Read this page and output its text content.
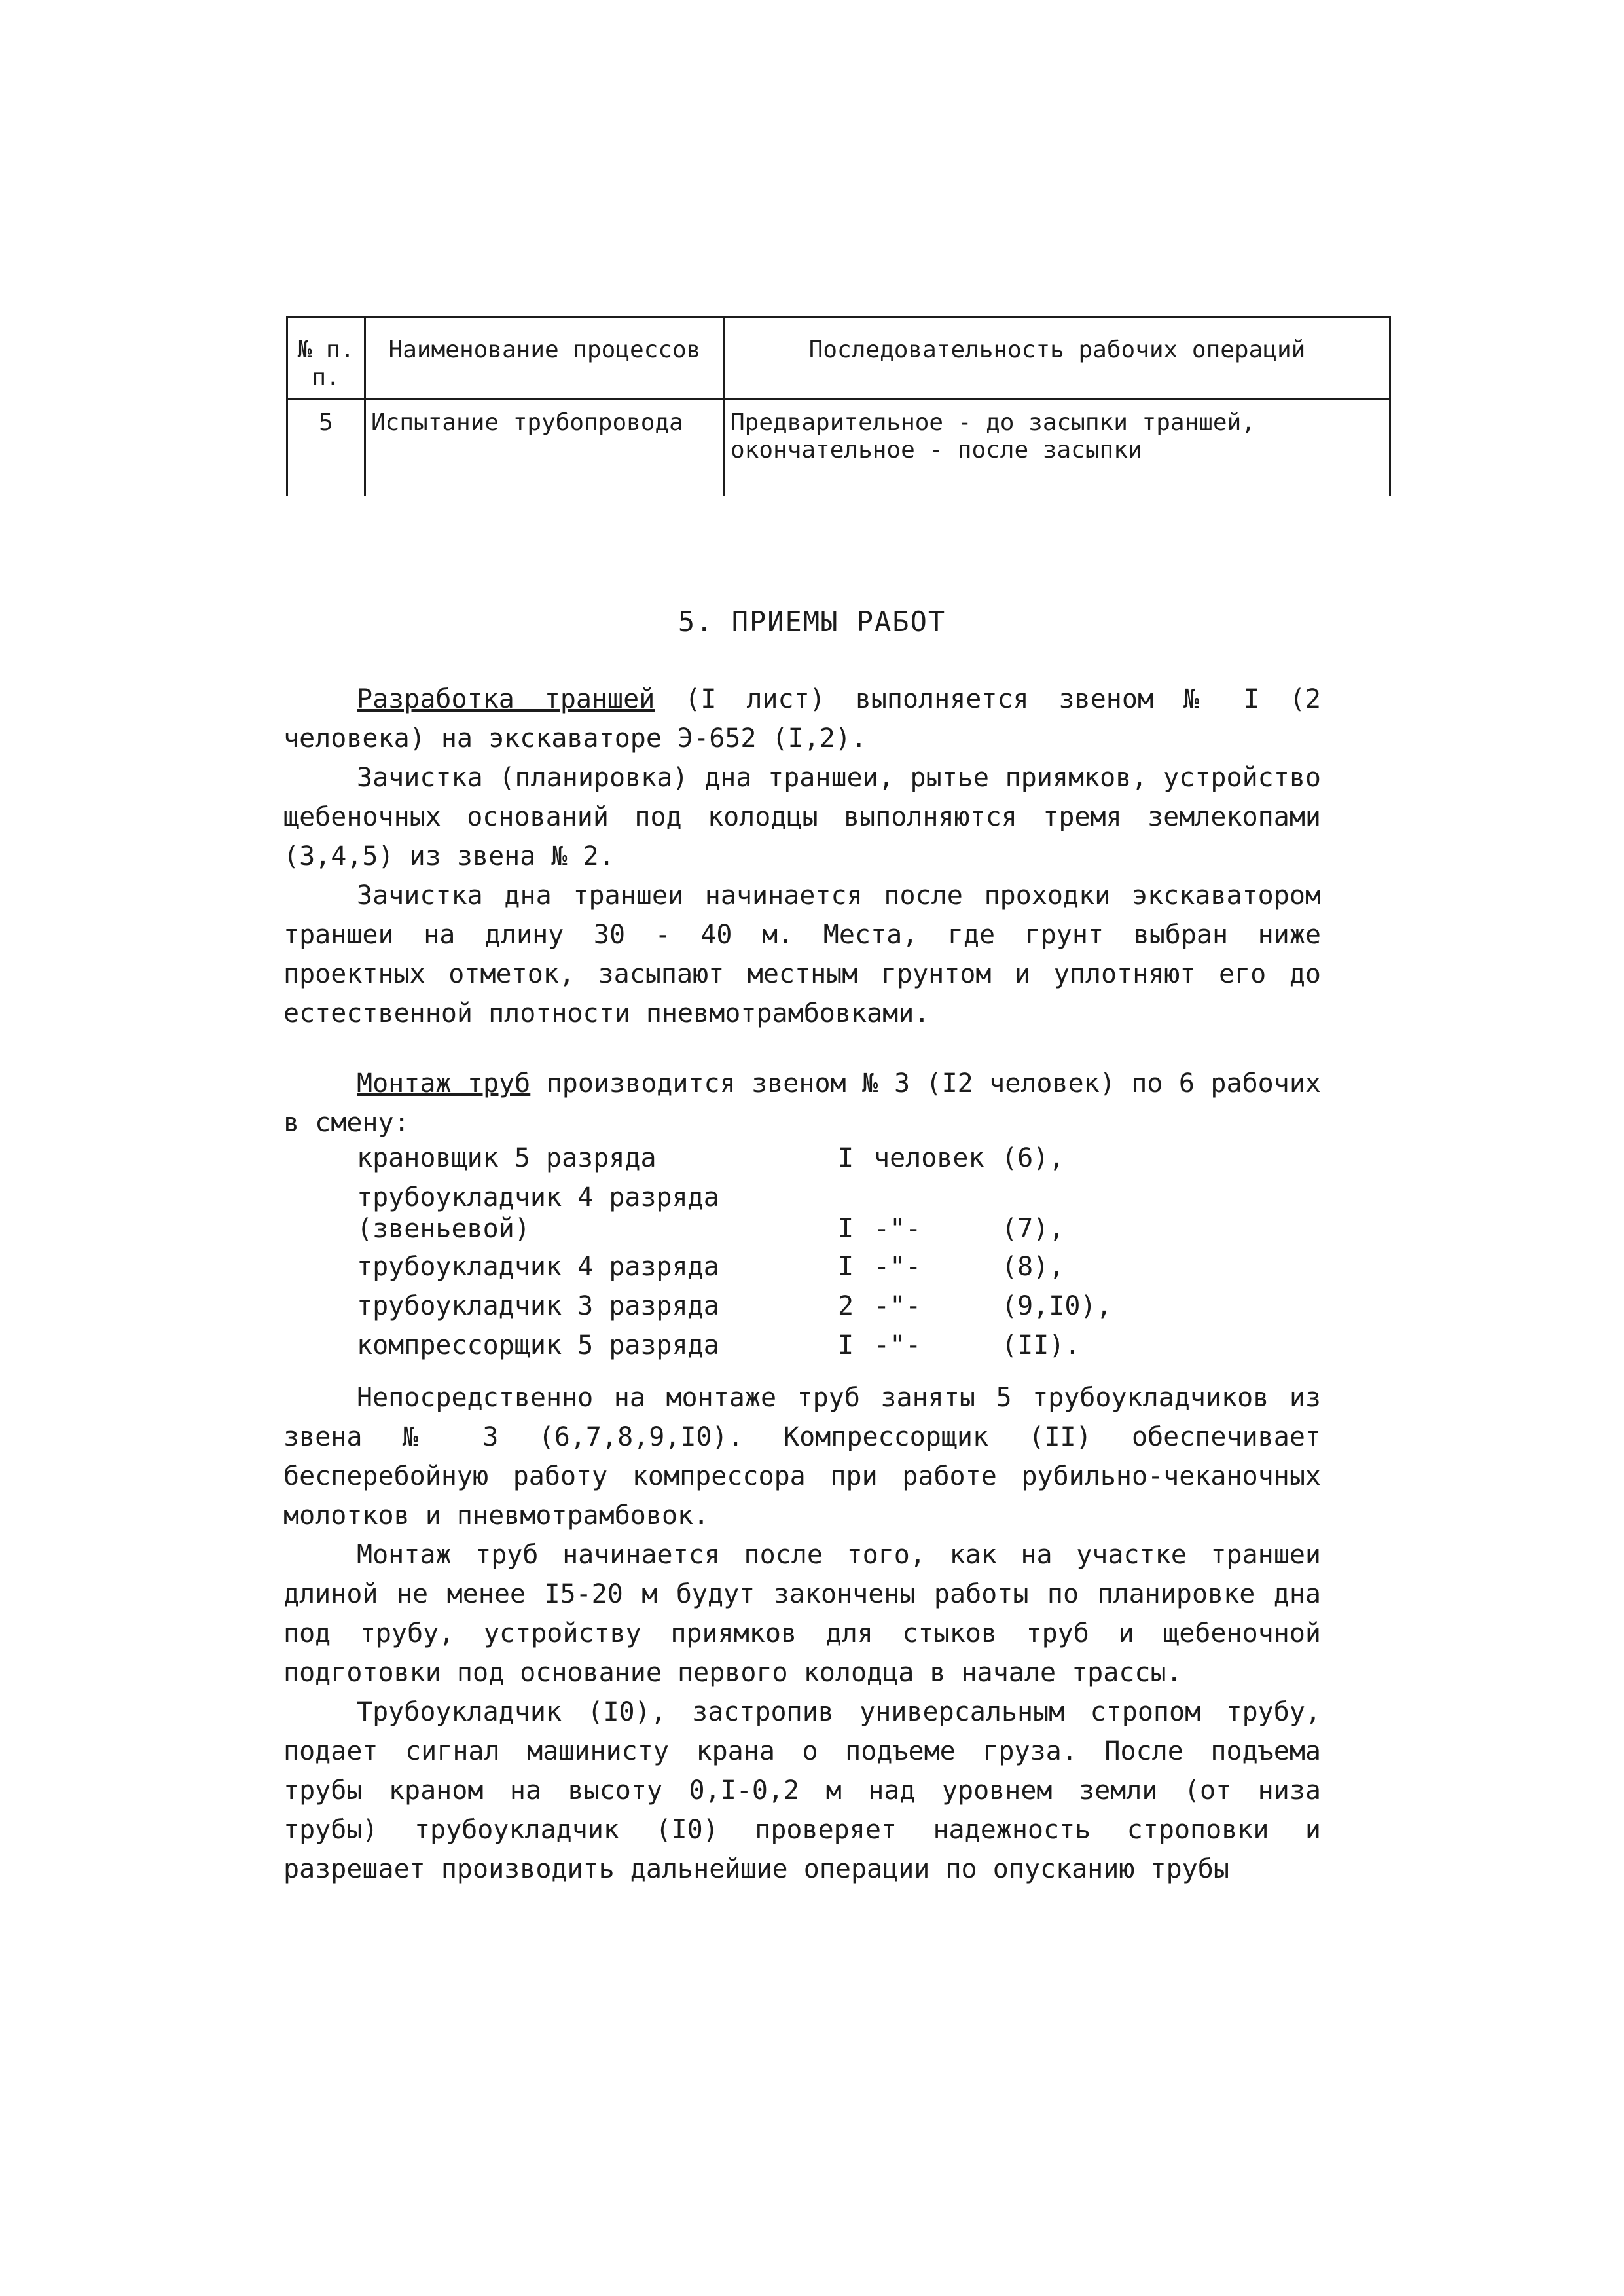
№ п. п.	Наименование процессов	Последовательность рабочих операций
5	Испытание трубопровода	Предварительное - до засыпки траншей, окончательное - после засыпки
5. ПРИЕМЫ РАБОТ

Разработка траншей (I лист) выполняется звеном № I (2 человека) на экскаваторе Э-652 (I,2).

Зачистка (планировка) дна траншеи, рытье приямков, устройство щебеночных оснований под колодцы выполняются тремя землекопами (3,4,5) из звена № 2.

Зачистка дна траншеи начинается после проходки экскаватором траншеи на длину 30 - 40 м. Места, где грунт выбран ниже проектных отметок, засыпают местным грунтом и уплотняют его до естественной плотности пневмотрамбовками.

Монтаж труб производится звеном № 3 (I2 человек) по 6 рабочих в смену:

крановщик 5 разряда	I человек (6),
трубоукладчик 4 разряда (звеньевой)	I -"-	(7),
трубоукладчик 4 разряда	I -"-	(8),
трубоукладчик 3 разряда	2 -"-	(9,I0),
компрессорщик 5 разряда	I -"-	(II).

Непосредственно на монтаже труб заняты 5 трубоукладчиков из звена № 3 (6,7,8,9,I0). Компрессорщик (II) обеспечивает бесперебойную работу компрессора при работе рубильно-чеканочных молотков и пневмотрамбовок.

Монтаж труб начинается после того, как на участке траншеи длиной не менее I5-20 м будут закончены работы по планировке дна под трубу, устройству приямков для стыков труб и щебеночной подготовки под основание первого колодца в начале трассы.

Трубоукладчик (I0), застропив универсальным стропом трубу, подает сигнал машинисту крана о подъеме груза. После подъема трубы краном на высоту 0,I-0,2 м над уровнем земли (от низа трубы) трубоукладчик (I0) проверяет надежность строповки и разрешает производить дальнейшие операции по опусканию трубы
